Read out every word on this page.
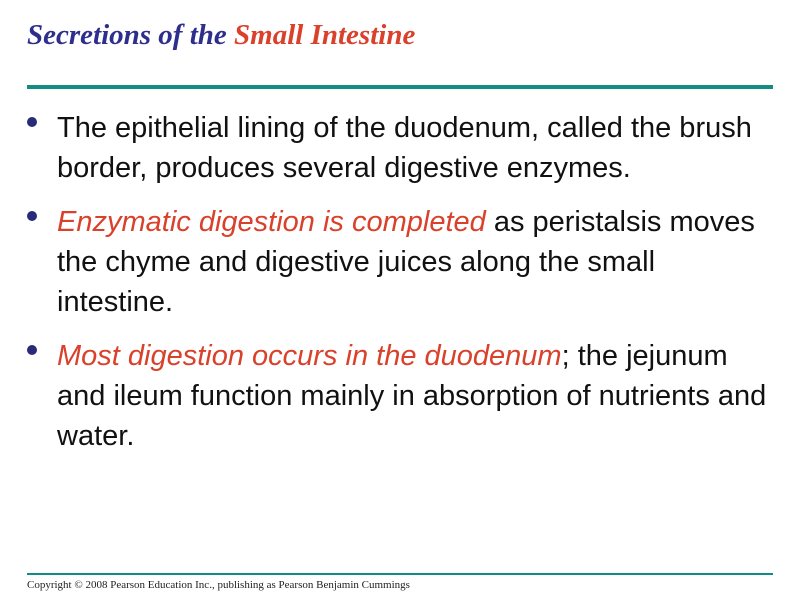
Secretions of the Small Intestine
The epithelial lining of the duodenum, called the brush border, produces several digestive enzymes.
Enzymatic digestion is completed as peristalsis moves the chyme and digestive juices along the small intestine.
Most digestion occurs in the duodenum; the jejunum and ileum function mainly in absorption of nutrients and water.
Copyright © 2008 Pearson Education Inc., publishing as Pearson Benjamin Cummings
